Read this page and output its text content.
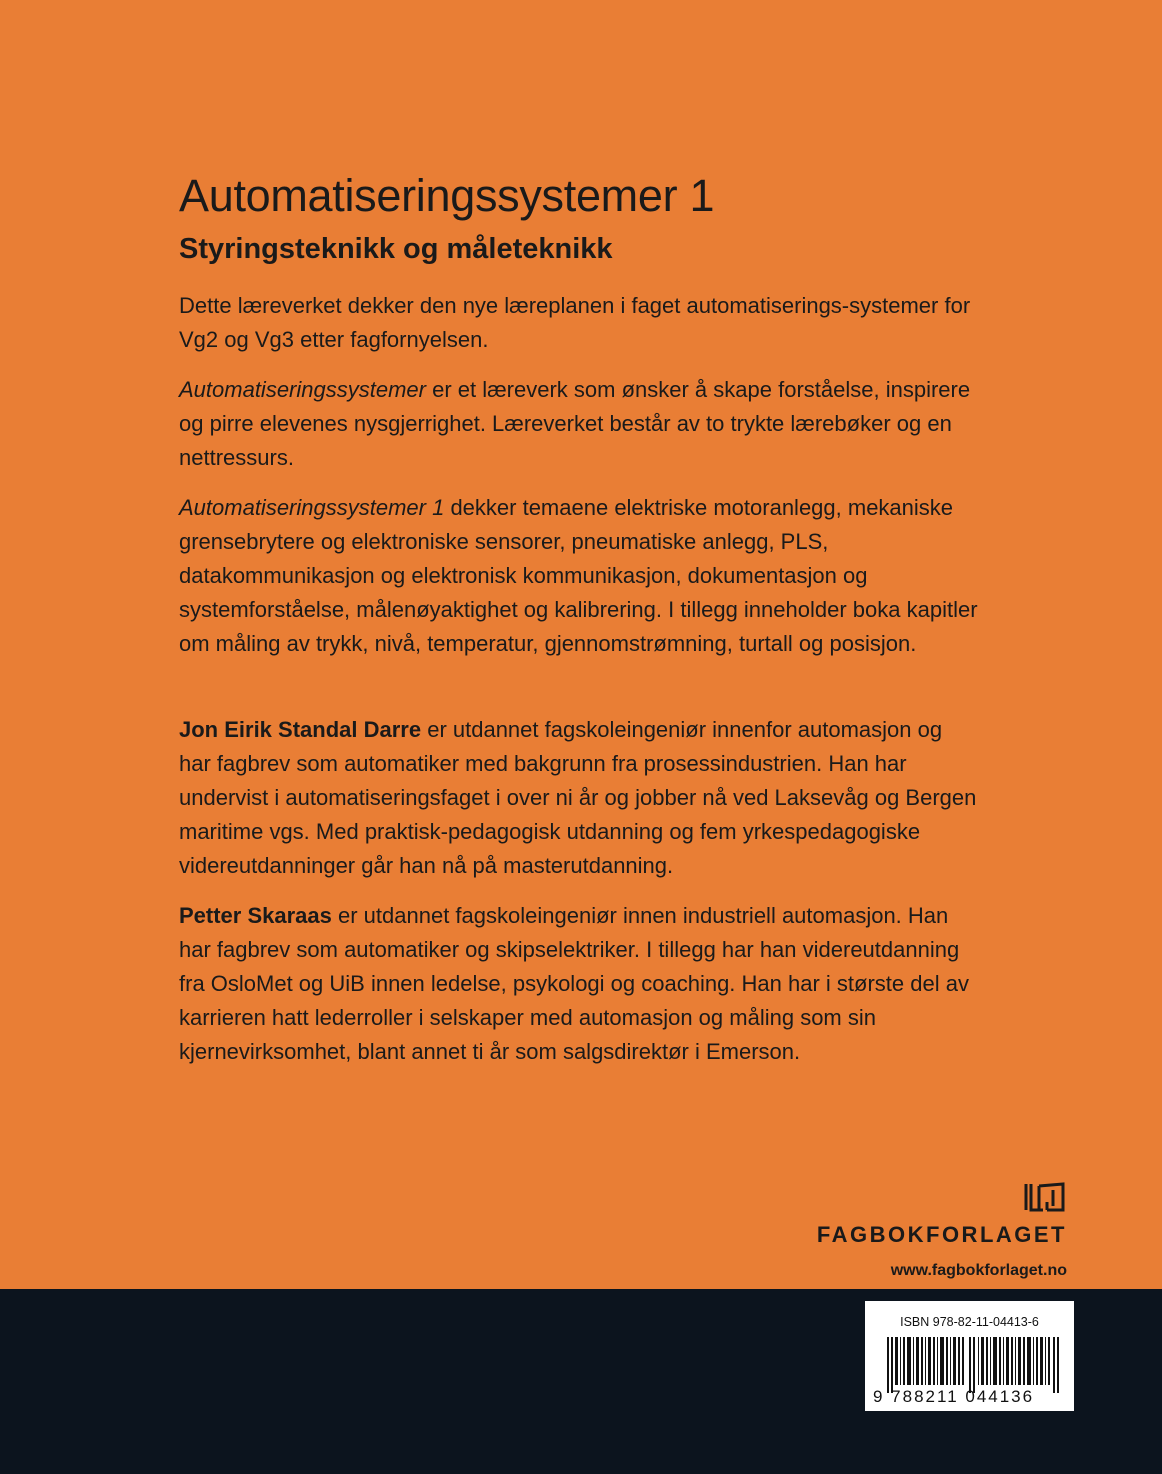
Automatiseringssystemer 1
Styringsteknikk og måleteknikk

Dette læreverket dekker den nye læreplanen i faget automatiserings-systemer for Vg2 og Vg3 etter fagfornyelsen.

Automatiseringssystemer er et læreverk som ønsker å skape forståelse, inspirere og pirre elevenes nysgjerrighet. Læreverket består av to trykte lærebøker og en nettressurs.

Automatiseringssystemer 1 dekker temaene elektriske motoranlegg, mekaniske grensebrytere og elektroniske sensorer, pneumatiske anlegg, PLS, datakommunikasjon og elektronisk kommunikasjon, dokumentasjon og systemforståelse, målenøyaktighet og kalibrering. I tillegg inneholder boka kapitler om måling av trykk, nivå, temperatur, gjennomstrømning, turtall og posisjon.

Jon Eirik Standal Darre er utdannet fagskoleingeniør innenfor automasjon og har fagbrev som automatiker med bakgrunn fra prosessindustrien. Han har undervist i automatiseringsfaget i over ni år og jobber nå ved Laksevåg og Bergen maritime vgs. Med praktisk-pedagogisk utdanning og fem yrkespedagogiske videreutdanninger går han nå på masterutdanning.

Petter Skaraas er utdannet fagskoleingeniør innen industriell automasjon. Han har fagbrev som automatiker og skipselektriker. I tillegg har han videreutdanning fra OsloMet og UiB innen ledelse, psykologi og coaching. Han har i største del av karrieren hatt lederroller i selskaper med automasjon og måling som sin kjernevirksomhet, blant annet ti år som salgsdirektør i Emerson.

FAGBOKFORLAGET
www.fagbokforlaget.no
ISBN 978-82-11-04413-6
9 788211 044136
